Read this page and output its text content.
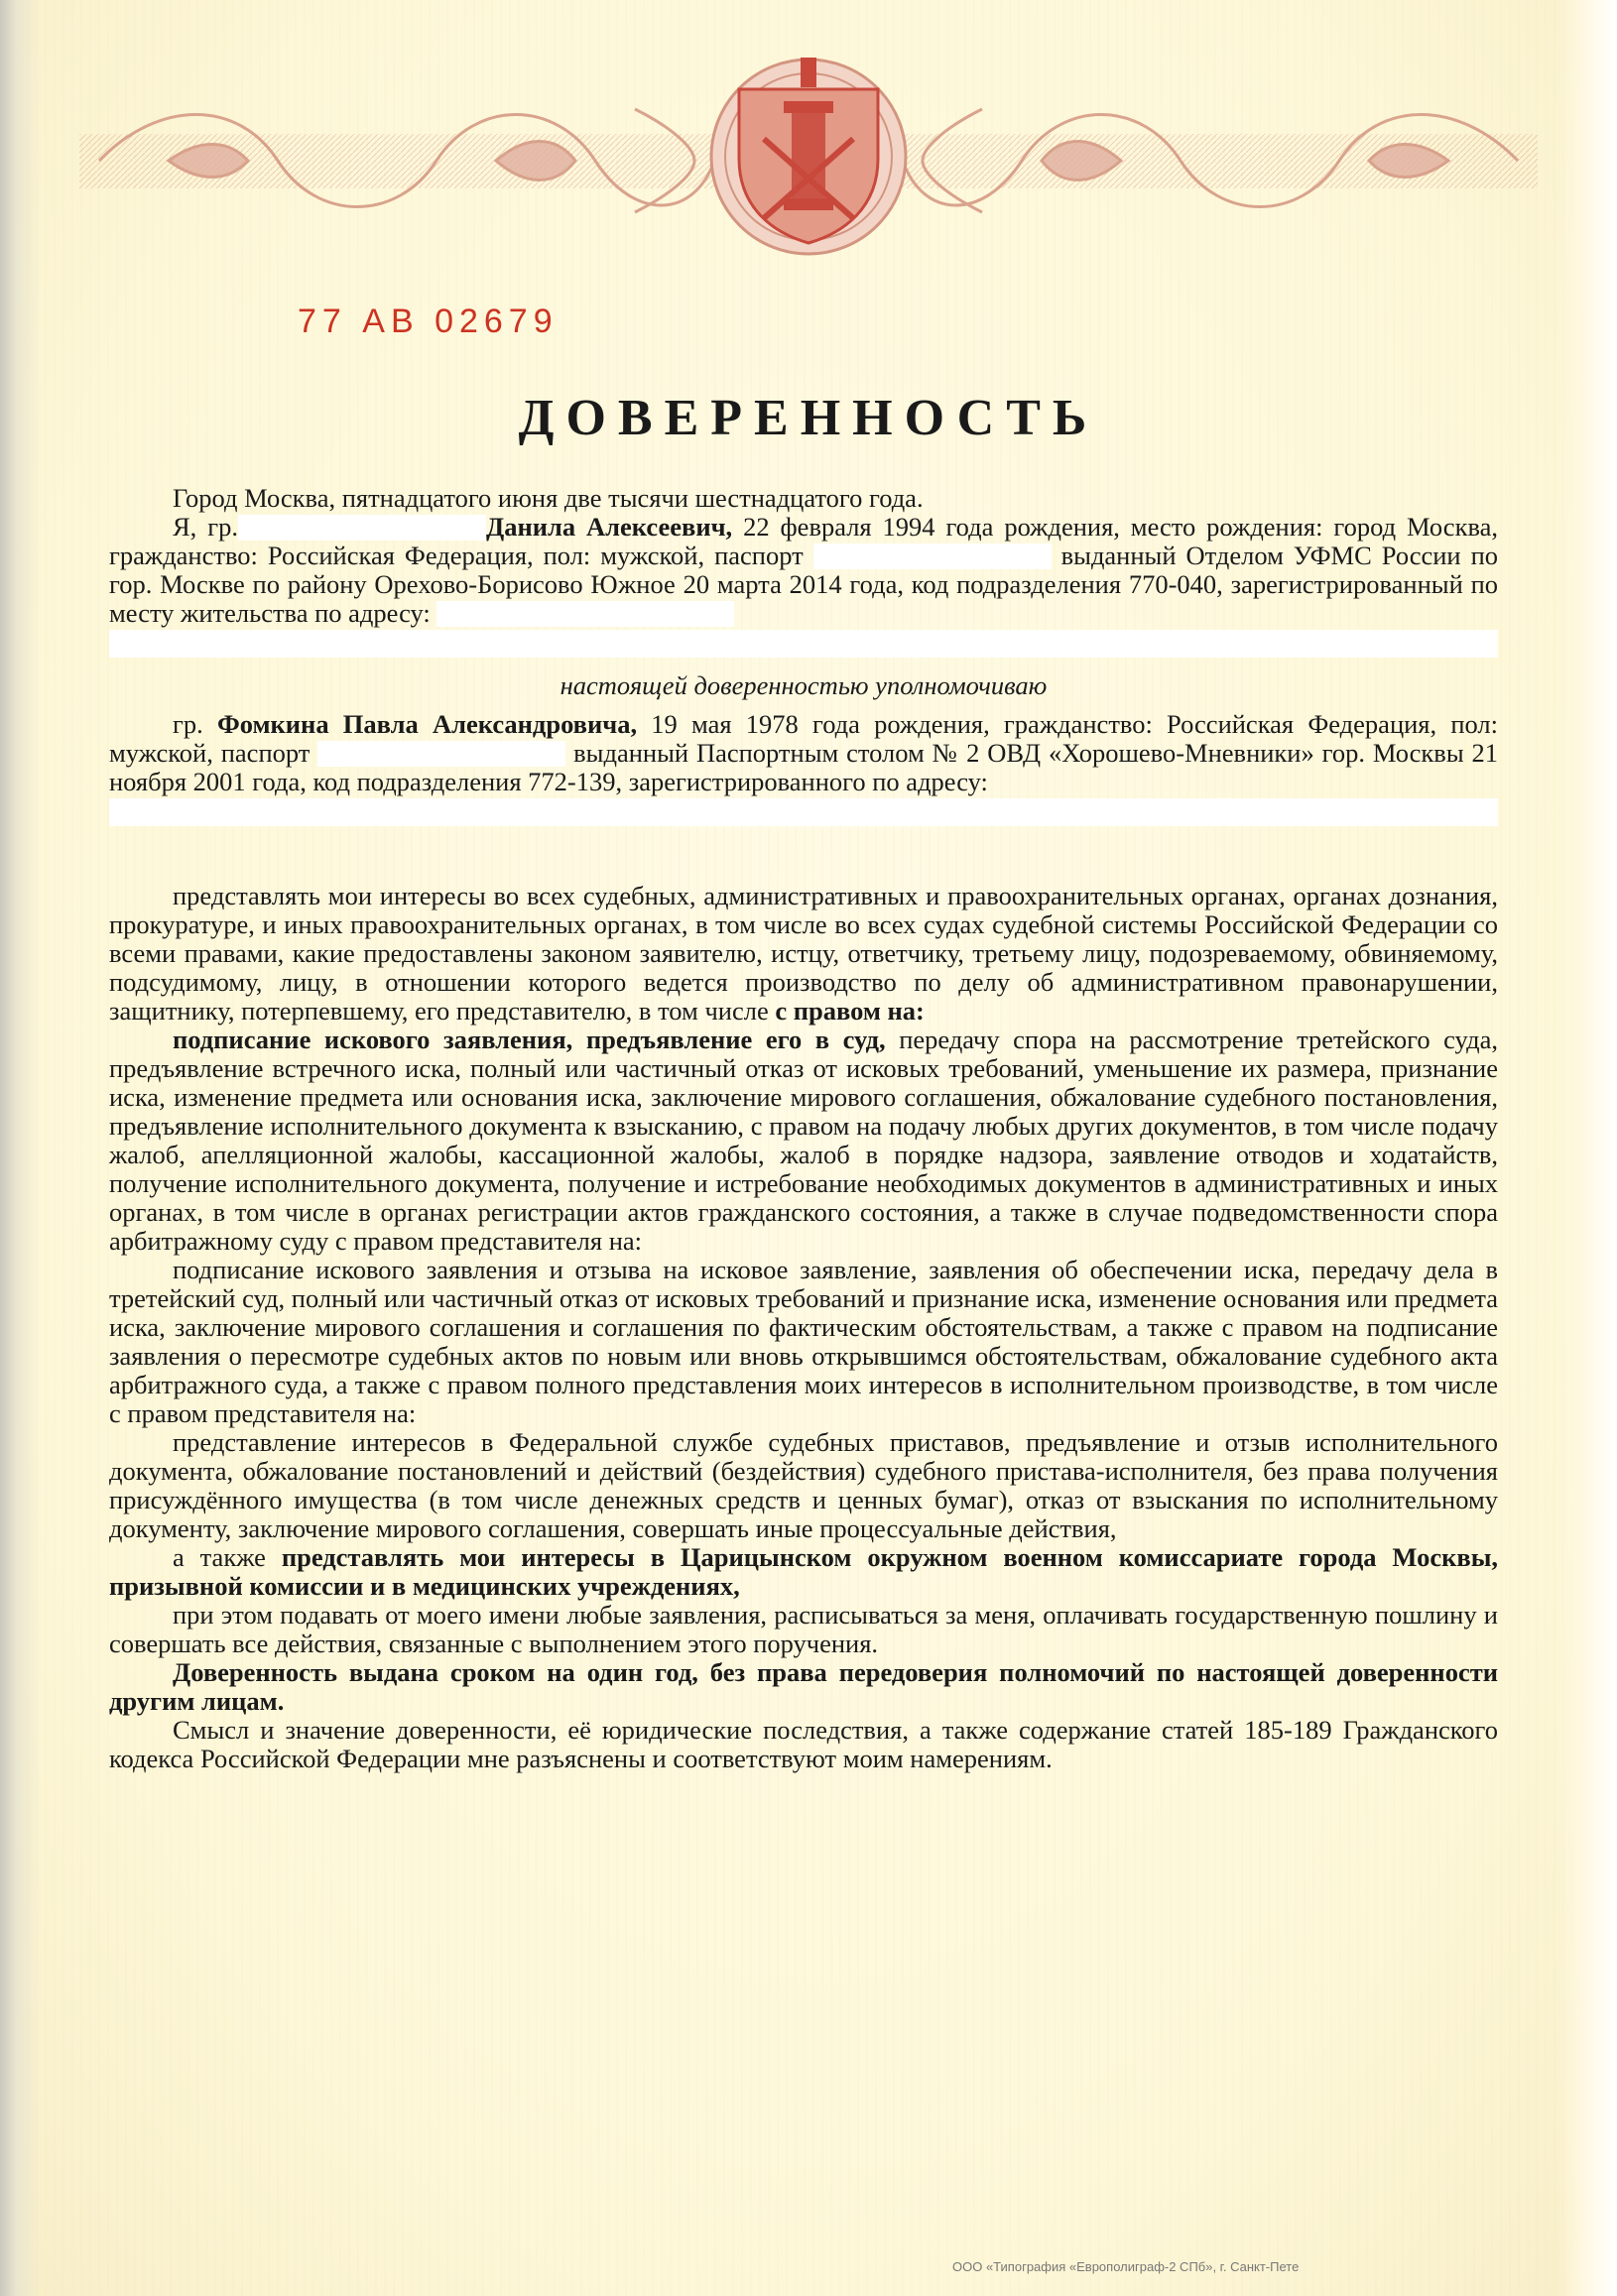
77 АВ 02679
ДОВЕРЕННОСТЬ

Город Москва, пятнадцатого июня две тысячи шестнадцатого года.

Я, гр.	Данила Алексеевич, 22 февраля 1994 года рождения, место рождения: город Москва, гражданство: Российская Федерация, пол: мужской, паспорт	выданный Отделом УФМС России по гор. Москве по району Орехово-Борисово Южное 20 марта 2014 года, код подразделения 770-040, зарегистрированный по месту жительства по адресу:

настоящей доверенностью уполномочиваю

гр. Фомкина Павла Александровича, 19 мая 1978 года рождения, гражданство: Российская Федерация, пол: мужской, паспорт	выданный Паспортным столом № 2 ОВД «Хорошево-Мневники» гор. Москвы 21 ноября 2001 года, код подразделения 772-139, зарегистрированного по адресу:

представлять мои интересы во всех судебных, административных и правоохранительных органах, органах дознания, прокуратуре, и иных правоохранительных органах, в том числе во всех судах судебной системы Российской Федерации со всеми правами, какие предоставлены законом заявителю, истцу, ответчику, третьему лицу, подозреваемому, обвиняемому, подсудимому, лицу, в отношении которого ведется производство по делу об административном правонарушении, защитнику, потерпевшему, его представителю, в том числе с правом на:

подписание искового заявления, предъявление его в суд, передачу спора на рассмотрение третейского суда, предъявление встречного иска, полный или частичный отказ от исковых требований, уменьшение их размера, признание иска, изменение предмета или основания иска, заключение мирового соглашения, обжалование судебного постановления, предъявление исполнительного документа к взысканию, с правом на подачу любых других документов, в том числе подачу жалоб, апелляционной жалобы, кассационной жалобы, жалоб в порядке надзора, заявление отводов и ходатайств, получение исполнительного документа, получение и истребование необходимых документов в административных и иных органах, в том числе в органах регистрации актов гражданского состояния, а также в случае подведомственности спора арбитражному суду с правом представителя на:

подписание искового заявления и отзыва на исковое заявление, заявления об обеспечении иска, передачу дела в третейский суд, полный или частичный отказ от исковых требований и признание иска, изменение основания или предмета иска, заключение мирового соглашения и соглашения по фактическим обстоятельствам, а также с правом на подписание заявления о пересмотре судебных актов по новым или вновь открывшимся обстоятельствам, обжалование судебного акта арбитражного суда, а также с правом полного представления моих интересов в исполнительном производстве, в том числе с правом представителя на:

представление интересов в Федеральной службе судебных приставов, предъявление и отзыв исполнительного документа, обжалование постановлений и действий (бездействия) судебного пристава-исполнителя, без права получения присуждённого имущества (в том числе денежных средств и ценных бумаг), отказ от взыскания по исполнительному документу, заключение мирового соглашения, совершать иные процессуальные действия,

а также представлять мои интересы в Царицынском окружном военном комиссариате города Москвы, призывной комиссии и в медицинских учреждениях,

при этом подавать от моего имени любые заявления, расписываться за меня, оплачивать государственную пошлину и совершать все действия, связанные с выполнением этого поручения.

Доверенность выдана сроком на один год, без права передоверия полномочий по настоящей доверенности другим лицам.

Смысл и значение доверенности, её юридические последствия, а также содержание статей 185-189 Гражданского кодекса Российской Федерации мне разъяснены и соответствуют моим намерениям.

ООО «Типография «Европолиграф-2 СПб», г. Санкт-Пете
